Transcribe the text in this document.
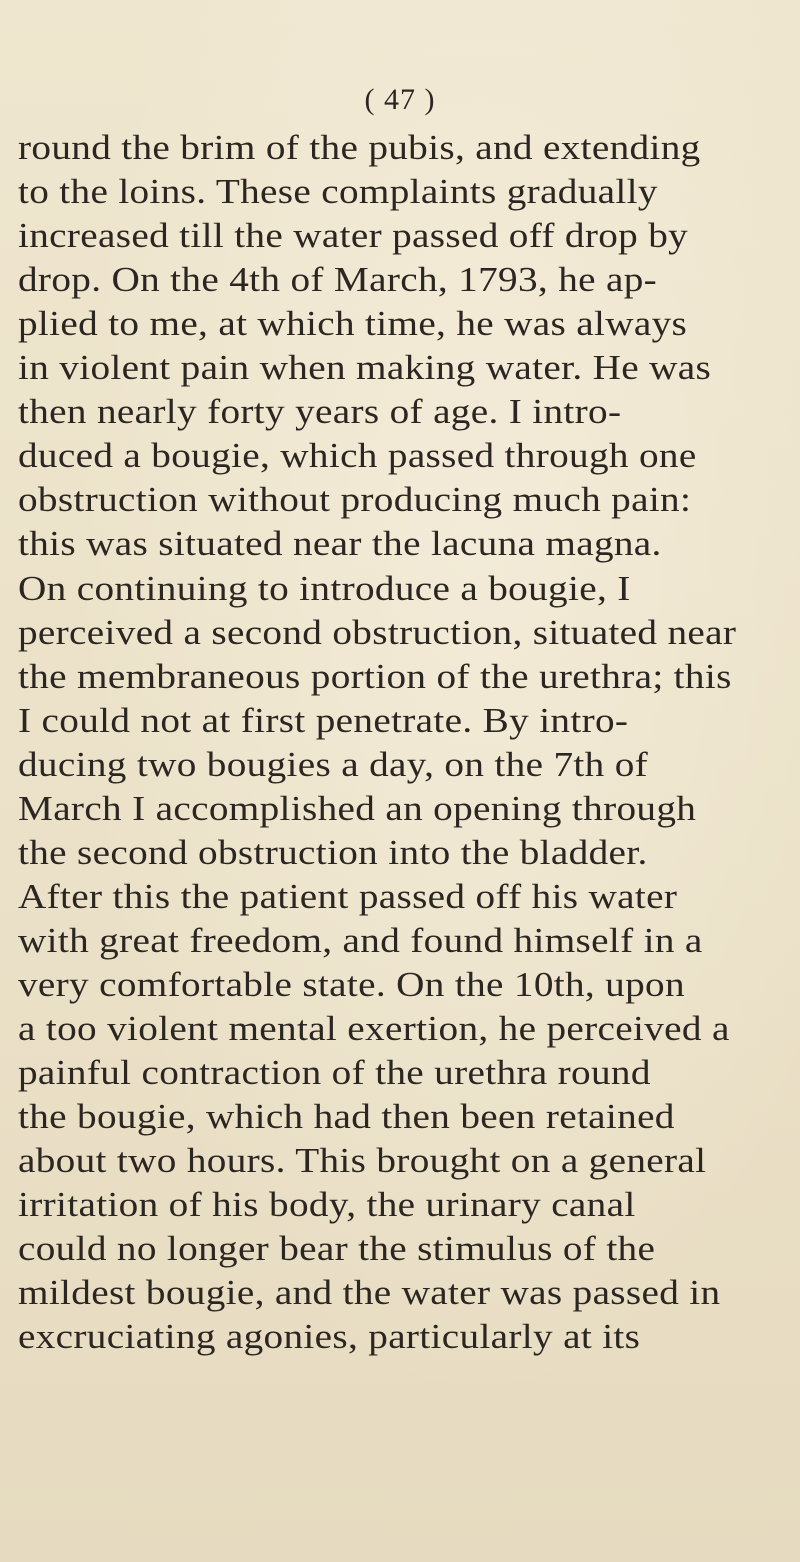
( 47 )
round the brim of the pubis, and extending
to the loins. These complaints gradually
increased till the water passed off drop by
drop. On the 4th of March, 1793, he ap-
plied to me, at which time, he was always
in violent pain when making water. He was
then nearly forty years of age. I intro-
duced a bougie, which passed through one
obstruction without producing much pain:
this was situated near the lacuna magna.
On continuing to introduce a bougie, I
perceived a second obstruction, situated near
the membraneous portion of the urethra; this
I could not at first penetrate. By intro-
ducing two bougies a day, on the 7th of
March I accomplished an opening through
the second obstruction into the bladder.
After this the patient passed off his water
with great freedom, and found himself in a
very comfortable state. On the 10th, upon
a too violent mental exertion, he perceived a
painful contraction of the urethra round
the bougie, which had then been retained
about two hours. This brought on a general
irritation of his body, the urinary canal
could no longer bear the stimulus of the
mildest bougie, and the water was passed in
excruciating agonies, particularly at its
